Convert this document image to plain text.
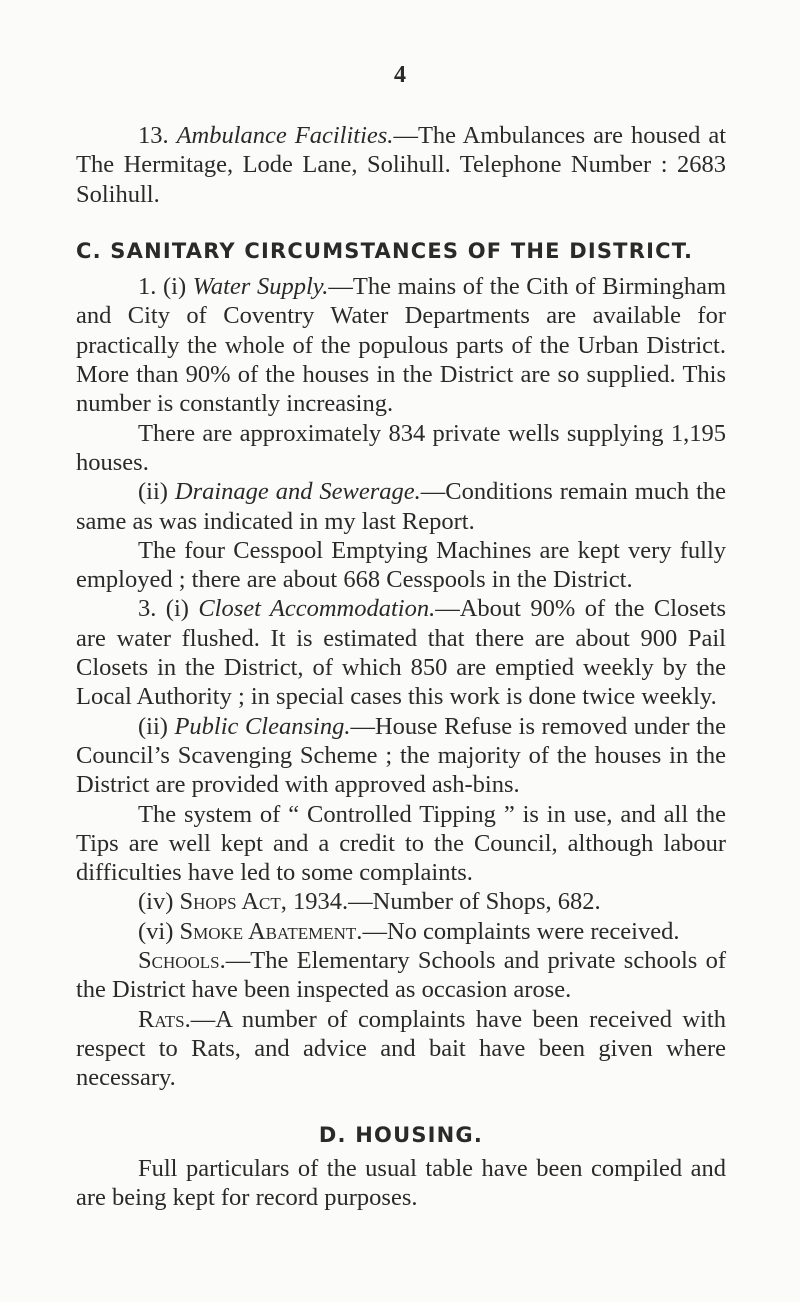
4

13. Ambulance Facilities.—The Ambulances are housed at The Hermitage, Lode Lane, Solihull. Telephone Number : 2683 Solihull.

C. SANITARY CIRCUMSTANCES OF THE DISTRICT.

1. (i) Water Supply.—The mains of the Cith of Birmingham and City of Coventry Water Departments are available for practically the whole of the populous parts of the Urban District. More than 90% of the houses in the District are so supplied. This number is constantly increasing.

There are approximately 834 private wells supplying 1,195 houses.

(ii) Drainage and Sewerage.—Conditions remain much the same as was indicated in my last Report.

The four Cesspool Emptying Machines are kept very fully employed ; there are about 668 Cesspools in the District.

3. (i) Closet Accommodation.—About 90% of the Closets are water flushed. It is estimated that there are about 900 Pail Closets in the District, of which 850 are emptied weekly by the Local Authority ; in special cases this work is done twice weekly.

(ii) Public Cleansing.—House Refuse is removed under the Council’s Scavenging Scheme ; the majority of the houses in the District are provided with approved ash-bins.

The system of “ Controlled Tipping ” is in use, and all the Tips are well kept and a credit to the Council, although labour difficulties have led to some complaints.

(iv) Shops Act, 1934.—Number of Shops, 682.

(vi) Smoke Abatement.—No complaints were received.

Schools.—The Elementary Schools and private schools of the District have been inspected as occasion arose.

Rats.—A number of complaints have been received with respect to Rats, and advice and bait have been given where necessary.

D. HOUSING.

Full particulars of the usual table have been compiled and are being kept for record purposes.
